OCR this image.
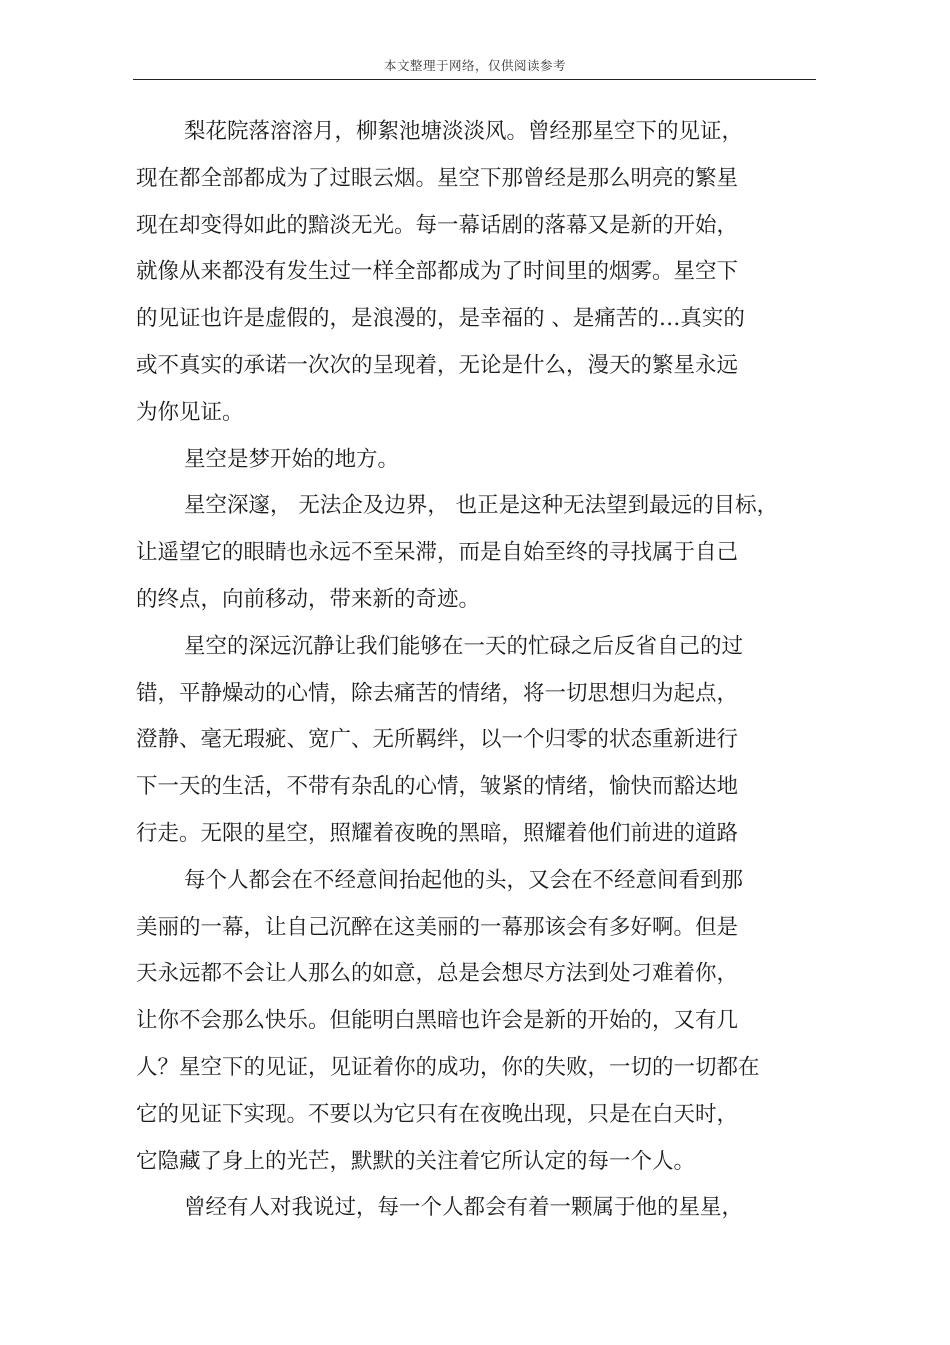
本文整理于网络，仅供阅读参考
梨花院落溶溶月，柳絮池塘淡淡风。曾经那星空下的见证，
现在都全部都成为了过眼云烟。星空下那曾经是那么明亮的繁星
现在却变得如此的黯淡无光。每一幕话剧的落幕又是新的开始，
就像从来都没有发生过一样全部都成为了时间里的烟雾。星空下
的见证也许是虚假的，是浪漫的，是幸福的 、是痛苦的…真实的
或不真实的承诺一次次的呈现着，无论是什么，漫天的繁星永远
为你见证。
星空是梦开始的地方。
星空深邃， 无法企及边界， 也正是这种无法望到最远的目标，
让遥望它的眼睛也永远不至呆滞，而是自始至终的寻找属于自己
的终点，向前移动，带来新的奇迹。
星空的深远沉静让我们能够在一天的忙碌之后反省自己的过
错，平静燥动的心情，除去痛苦的情绪，将一切思想归为起点，
澄静、毫无瑕疵、宽广、无所羁绊，以一个归零的状态重新进行
下一天的生活，不带有杂乱的心情，皱紧的情绪，愉快而豁达地
行走。无限的星空，照耀着夜晚的黑暗，照耀着他们前进的道路
每个人都会在不经意间抬起他的头，又会在不经意间看到那
美丽的一幕，让自己沉醉在这美丽的一幕那该会有多好啊。但是
天永远都不会让人那么的如意，总是会想尽方法到处刁难着你，
让你不会那么快乐。但能明白黑暗也许会是新的开始的，又有几
人？星空下的见证，见证着你的成功，你的失败，一切的一切都在
它的见证下实现。不要以为它只有在夜晚出现，只是在白天时，
它隐藏了身上的光芒，默默的关注着它所认定的每一个人。
曾经有人对我说过，每一个人都会有着一颗属于他的星星，
